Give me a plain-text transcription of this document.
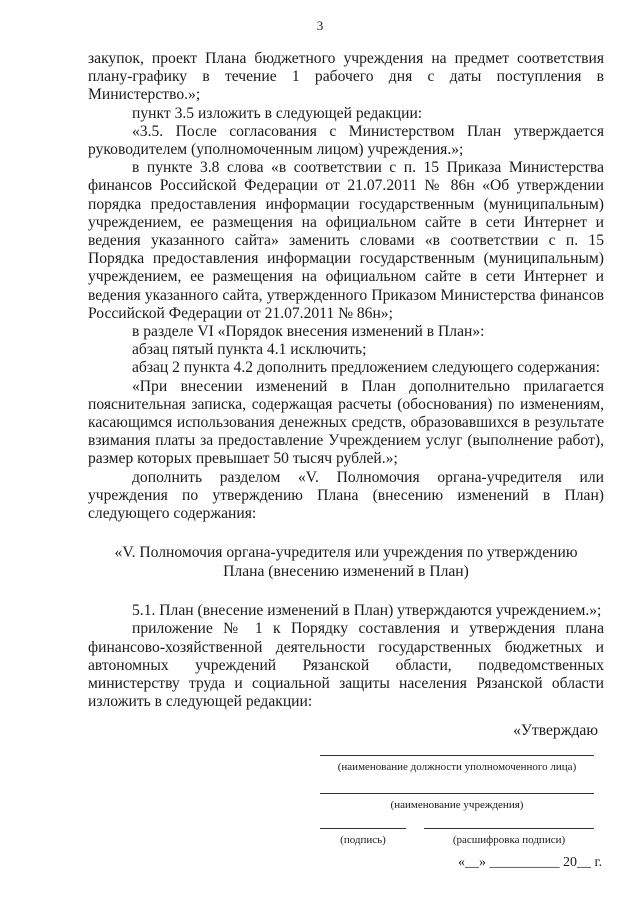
3

закупок, проект Плана бюджетного учреждения на предмет соответствия плану-графику в течение 1 рабочего дня с даты поступления в Министерство.»;

пункт 3.5 изложить в следующей редакции:

«3.5. После согласования с Министерством План утверждается руководителем (уполномоченным лицом) учреждения.»;

в пункте 3.8 слова «в соответствии с п. 15 Приказа Министерства финансов Российской Федерации от 21.07.2011 № 86н «Об утверждении порядка предоставления информации государственным (муниципальным) учреждением, ее размещения на официальном сайте в сети Интернет и ведения указанного сайта» заменить словами «в соответствии с п. 15 Порядка предоставления информации государственным (муниципальным) учреждением, ее размещения на официальном сайте в сети Интернет и ведения указанного сайта, утвержденного Приказом Министерства финансов Российской Федерации от 21.07.2011 № 86н»;

в разделе VI «Порядок внесения изменений в План»:

абзац пятый пункта 4.1 исключить;

абзац 2 пункта 4.2 дополнить предложением следующего содержания:

«При внесении изменений в План дополнительно прилагается пояснительная записка, содержащая расчеты (обоснования) по изменениям, касающимся использования денежных средств, образовавшихся в результате взимания платы за предоставление Учреждением услуг (выполнение работ), размер которых превышает 50 тысяч рублей.»;

дополнить разделом «V. Полномочия органа-учредителя или учреждения по утверждению Плана (внесению изменений в План) следующего содержания:

«V. Полномочия органа-учредителя или учреждения по утверждению
Плана (внесению изменений в План)

5.1. План (внесение изменений в План) утверждаются учреждением.»;

приложение № 1 к Порядку составления и утверждения плана финансово-хозяйственной деятельности государственных бюджетных и автономных учреждений Рязанской области, подведомственных министерству труда и социальной защиты населения Рязанской области изложить в следующей редакции:

«Утверждаю
(наименование должности уполномоченного лица)
(наименование учреждения)
(подпись)	(расшифровка подписи)
«__» __________ 20__ г.
